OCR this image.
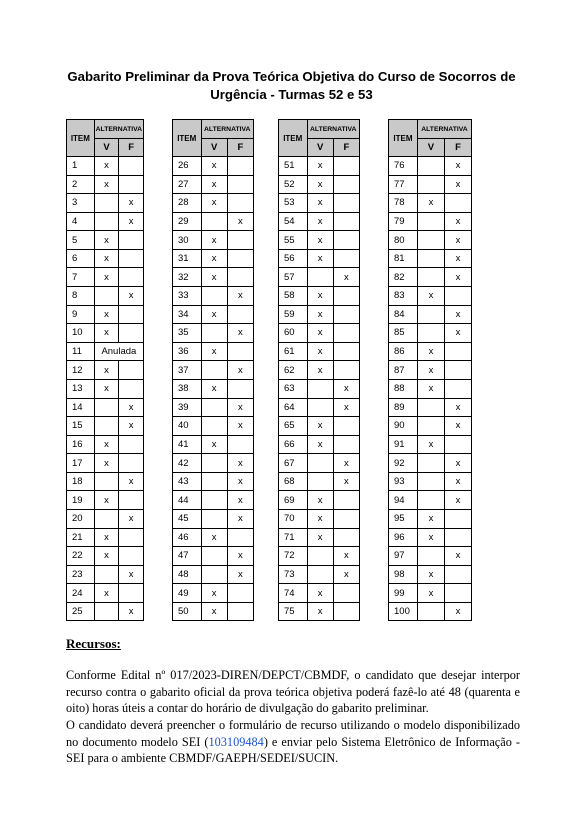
Gabarito Preliminar da Prova Teórica Objetiva do Curso de Socorros de Urgência - Turmas 52 e 53
ITEM	ALTERNATIVA	
	V	F
1	x	
2	x	
3		x
4		x
5	x	
6	x	
7	x	
8		x
9	x	
10	x	
11	Anulada	
12	x	
13	x	
14		x
15		x
16	x	
17	x	
18		x
19	x	
20		x
21	x	
22	x	
23		x
24	x	
25		x
ITEM	ALTERNATIVA	
	V	F
26	x	
27	x	
28	x	
29		x
30	x	
31	x	
32	x	
33		x
34	x	
35		x
36	x	
37		x
38	x	
39		x
40		x
41	x	
42		x
43		x
44		x
45		x
46	x	
47		x
48		x
49	x	
50	x	
ITEM	ALTERNATIVA	
	V	F
51	x	
52	x	
53	x	
54	x	
55	x	
56	x	
57		x
58	x	
59	x	
60	x	
61	x	
62	x	
63		x
64		x
65	x	
66	x	
67		x
68		x
69	x	
70	x	
71	x	
72		x
73		x
74	x	
75	x	
ITEM	ALTERNATIVA	
	V	F
76		x
77		x
78	x	
79		x
80		x
81		x
82		x
83	x	
84		x
85		x
86	x	
87	x	
88	x	
89		x
90		x
91	x	
92		x
93		x
94		x
95	x	
96	x	
97		x
98	x	
99	x	
100		x
Recursos:
Conforme Edital nº 017/2023-DIREN/DEPCT/CBMDF, o candidato que desejar interpor recurso contra o gabarito oficial da prova teórica objetiva poderá fazê-lo até 48 (quarenta e oito) horas úteis a contar do horário de divulgação do gabarito preliminar.
O candidato deverá preencher o formulário de recurso utilizando o modelo disponibilizado no documento modelo SEI (103109484) e enviar pelo Sistema Eletrônico de Informação - SEI para o ambiente CBMDF/GAEPH/SEDEI/SUCIN.
